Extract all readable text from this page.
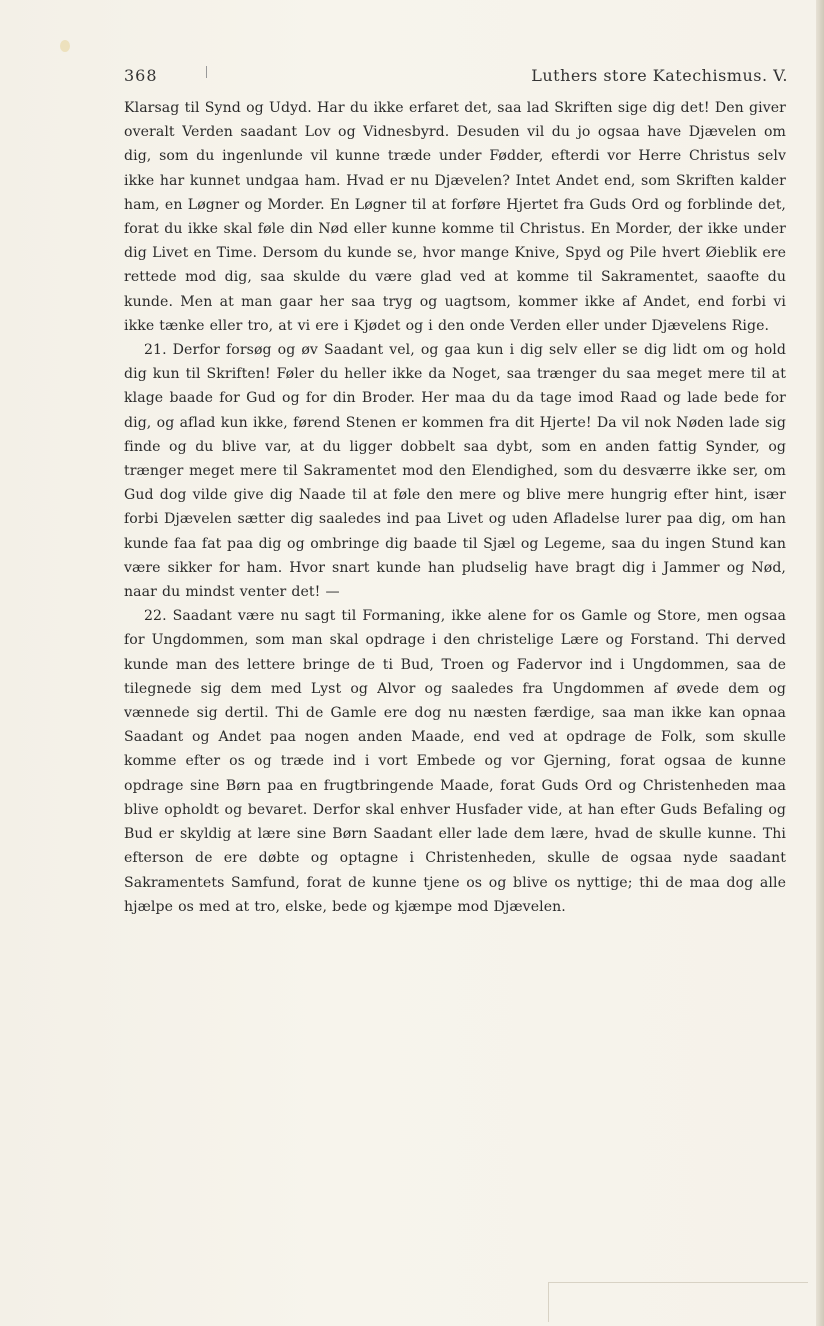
368	Luthers store Katechismus. V.

Klarsag til Synd og Udyd. Har du ikke erfaret det, saa lad Skriften sige dig det! Den giver overalt Verden saadant Lov og Vidnesbyrd. Desuden vil du jo ogsaa have Djævelen om dig, som du ingenlunde vil kunne træde under Fødder, efterdi vor Herre Christus selv ikke har kunnet undgaa ham. Hvad er nu Djævelen? Intet Andet end, som Skriften kalder ham, en Løgner og Morder. En Løgner til at forføre Hjertet fra Guds Ord og forblinde det, forat du ikke skal føle din Nød eller kunne komme til Christus. En Morder, der ikke under dig Livet en Time. Dersom du kunde se, hvor mange Knive, Spyd og Pile hvert Øieblik ere rettede mod dig, saa skulde du være glad ved at komme til Sakramentet, saaofte du kunde. Men at man gaar her saa tryg og uagtsom, kommer ikke af Andet, end forbi vi ikke tænke eller tro, at vi ere i Kjødet og i den onde Verden eller under Djævelens Rige.

21. Derfor forsøg og øv Saadant vel, og gaa kun i dig selv eller se dig lidt om og hold dig kun til Skriften! Føler du heller ikke da Noget, saa trænger du saa meget mere til at klage baade for Gud og for din Broder. Her maa du da tage imod Raad og lade bede for dig, og aflad kun ikke, førend Stenen er kommen fra dit Hjerte! Da vil nok Nøden lade sig finde og du blive var, at du ligger dobbelt saa dybt, som en anden fattig Synder, og trænger meget mere til Sakramentet mod den Elendighed, som du desværre ikke ser, om Gud dog vilde give dig Naade til at føle den mere og blive mere hungrig efter hint, især forbi Djævelen sætter dig saaledes ind paa Livet og uden Afladelse lurer paa dig, om han kunde faa fat paa dig og ombringe dig baade til Sjæl og Legeme, saa du ingen Stund kan være sikker for ham. Hvor snart kunde han pludselig have bragt dig i Jammer og Nød, naar du mindst venter det! —

22. Saadant være nu sagt til Formaning, ikke alene for os Gamle og Store, men ogsaa for Ungdommen, som man skal opdrage i den christelige Lære og Forstand. Thi derved kunde man des lettere bringe de ti Bud, Troen og Fadervor ind i Ungdommen, saa de tilegnede sig dem med Lyst og Alvor og saaledes fra Ungdommen af øvede dem og vænnede sig dertil. Thi de Gamle ere dog nu næsten færdige, saa man ikke kan opnaa Saadant og Andet paa nogen anden Maade, end ved at opdrage de Folk, som skulle komme efter os og træde ind i vort Embede og vor Gjerning, forat ogsaa de kunne opdrage sine Børn paa en frugtbringende Maade, forat Guds Ord og Christenheden maa blive opholdt og bevaret. Derfor skal enhver Husfader vide, at han efter Guds Befaling og Bud er skyldig at lære sine Børn Saadant eller lade dem lære, hvad de skulle kunne. Thi efterson de ere døbte og optagne i Christenheden, skulle de ogsaa nyde saadant Sakramentets Samfund, forat de kunne tjene os og blive os nyttige; thi de maa dog alle hjælpe os med at tro, elske, bede og kjæmpe mod Djævelen.
